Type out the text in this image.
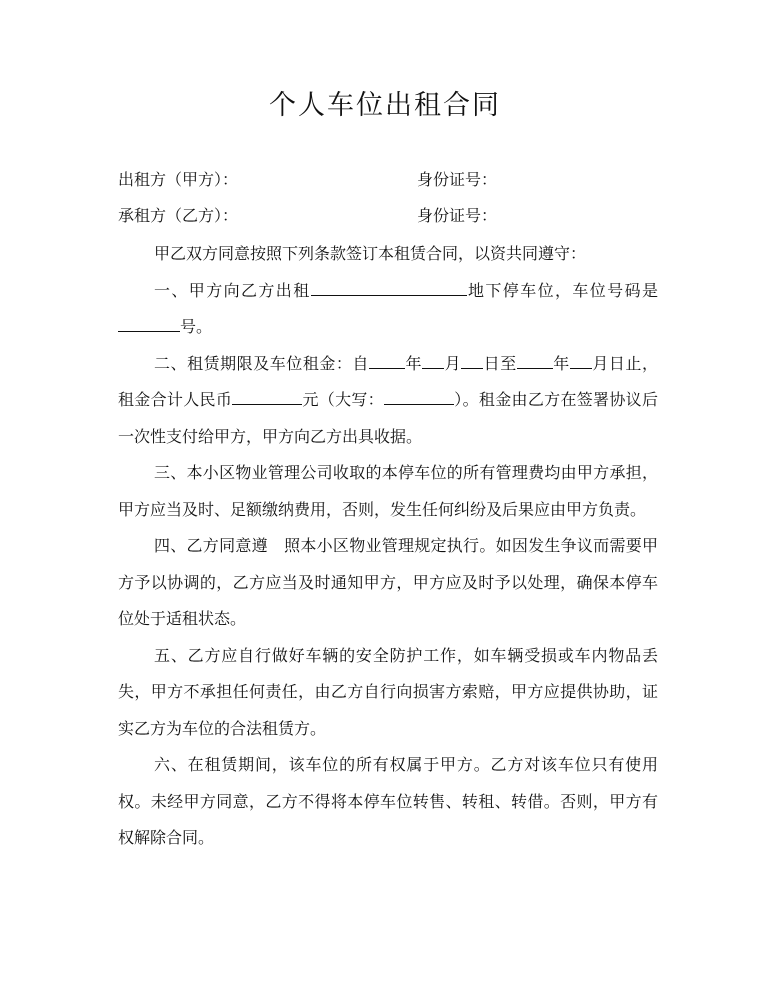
个人车位出租合同
出租方（甲方）：	身份证号：
承租方（乙方）：	身份证号：

甲乙双方同意按照下列条款签订本租赁合同，以资共同遵守：

一、甲方向乙方出租	地下停车位，车位号码是号。

二、租赁期限及车位租金：自 年 月 日至 年 月日止，租金合计人民币	元（大写：	）。租金由乙方在签署协议后一次性支付给甲方，甲方向乙方出具收据。

三、本小区物业管理公司收取的本停车位的所有管理费均由甲方承担，甲方应当及时、足额缴纳费用，否则，发生任何纠纷及后果应由甲方负责。

四、乙方同意遵　照本小区物业管理规定执行。如因发生争议而需要甲方予以协调的，乙方应当及时通知甲方，甲方应及时予以处理，确保本停车位处于适租状态。

五、乙方应自行做好车辆的安全防护工作，如车辆受损或车内物品丢失，甲方不承担任何责任，由乙方自行向损害方索赔，甲方应提供协助，证实乙方为车位的合法租赁方。

六、在租赁期间，该车位的所有权属于甲方。乙方对该车位只有使用权。未经甲方同意，乙方不得将本停车位转售、转租、转借。否则，甲方有权解除合同。
